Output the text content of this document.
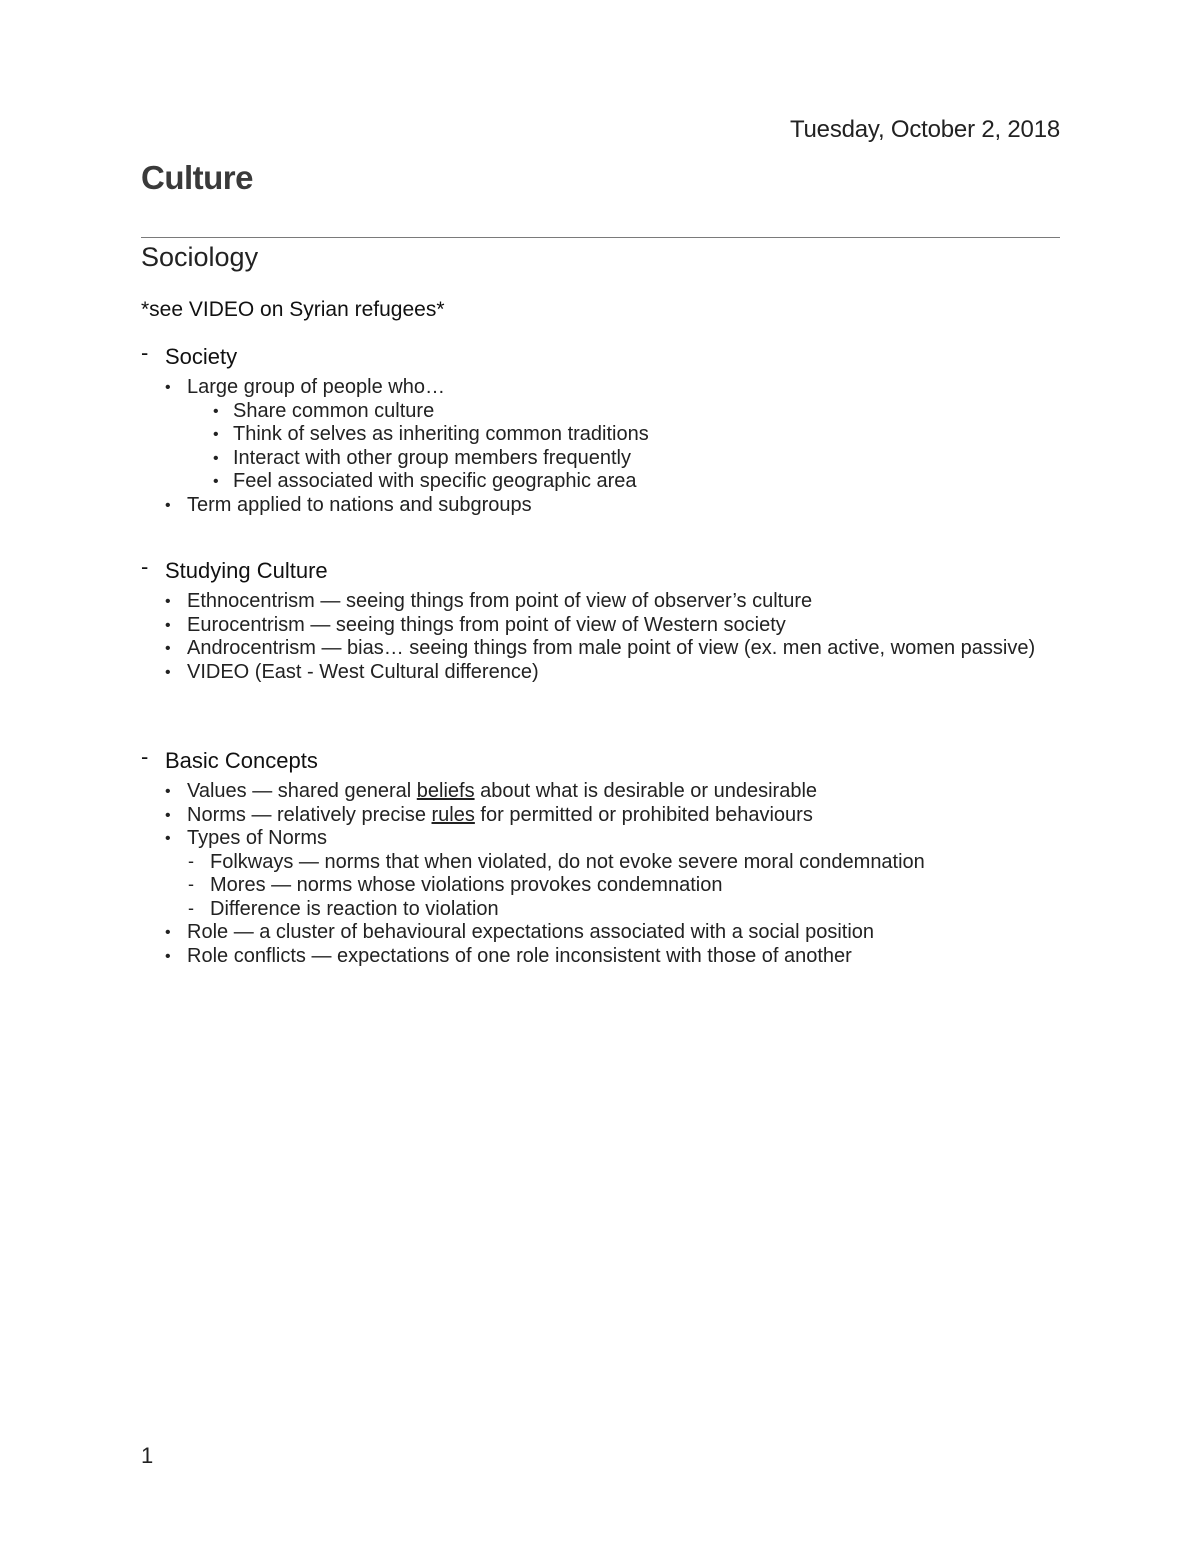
Tuesday, October 2, 2018
Culture
Sociology
*see VIDEO on Syrian refugees*
- Society
• Large group of people who…
• Share common culture
• Think of selves as inheriting common traditions
• Interact with other group members frequently
• Feel associated with specific geographic area
• Term applied to nations and subgroups
- Studying Culture
• Ethnocentrism — seeing things from point of view of observer’s culture
• Eurocentrism — seeing things from point of view of Western society
• Androcentrism — bias… seeing things from male point of view (ex. men active, women passive)
• VIDEO (East - West Cultural difference)
- Basic Concepts
• Values — shared general beliefs about what is desirable or undesirable
• Norms — relatively precise rules for permitted or prohibited behaviours
• Types of Norms
- Folkways — norms that when violated, do not evoke severe moral condemnation
- Mores — norms whose violations provokes condemnation
- Difference is reaction to violation
• Role — a cluster of behavioural expectations associated with a social position
• Role conflicts — expectations of one role inconsistent with those of another
1
